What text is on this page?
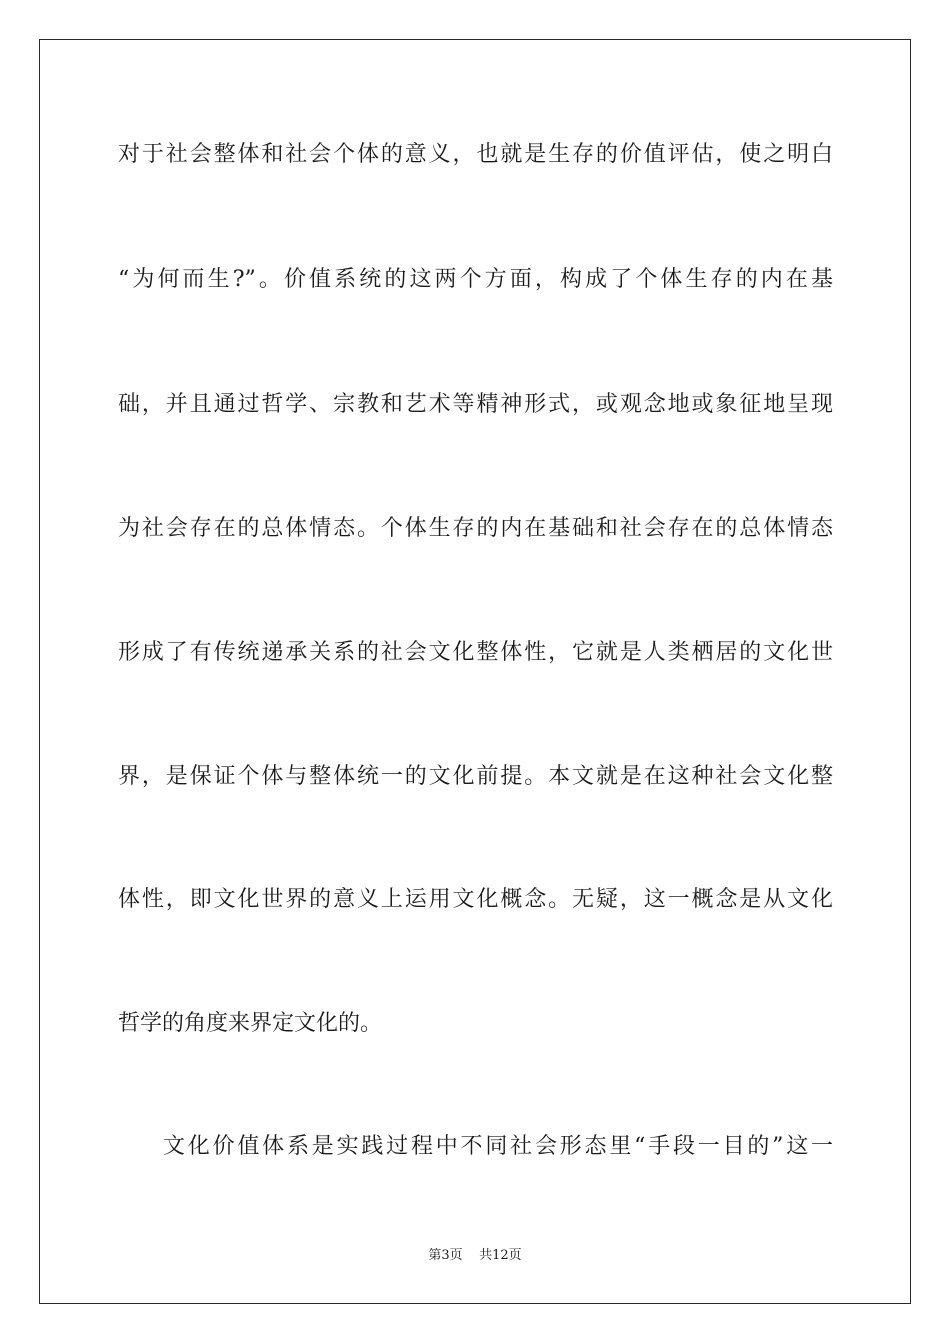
对于社会整体和社会个体的意义，也就是生存的价值评估，使之明白
“为何而生?”。价值系统的这两个方面，构成了个体生存的内在基
础，并且通过哲学、宗教和艺术等精神形式，或观念地或象征地呈现
为社会存在的总体情态。个体生存的内在基础和社会存在的总体情态
形成了有传统递承关系的社会文化整体性，它就是人类栖居的文化世
界，是保证个体与整体统一的文化前提。本文就是在这种社会文化整
体性，即文化世界的意义上运用文化概念。无疑，这一概念是从文化
哲学的角度来界定文化的。
文化价值体系是实践过程中不同社会形态里“手段一目的”这一
第3页 共12页
